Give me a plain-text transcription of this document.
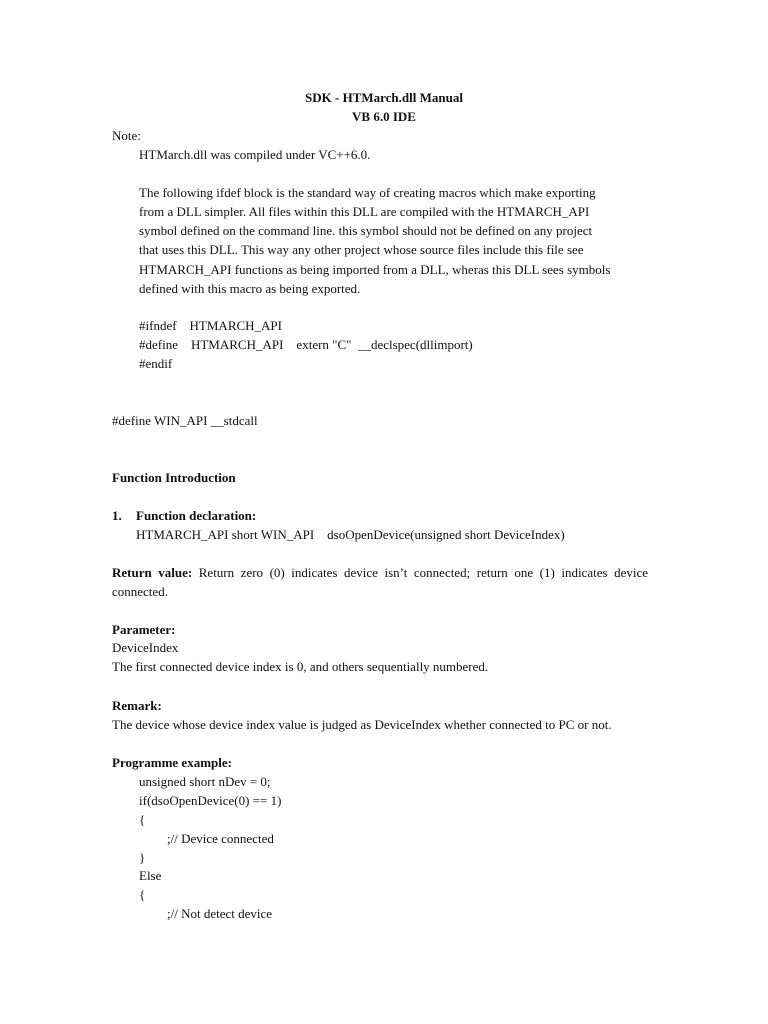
SDK - HTMarch.dll Manual
VB 6.0 IDE
Note:
HTMarch.dll was compiled under VC++6.0.
The following ifdef block is the standard way of creating macros which make exporting
from a DLL simpler. All files within this DLL are compiled with the HTMARCH_API
symbol defined on the command line. this symbol should not be defined on any project
that uses this DLL. This way any other project whose source files include this file see
HTMARCH_API functions as being imported from a DLL, wheras this DLL sees symbols
defined with this macro as being exported.
#ifndef    HTMARCH_API
#define    HTMARCH_API    extern "C"  __declspec(dllimport)
#endif
#define WIN_API __stdcall
Function Introduction
1. Function declaration:
HTMARCH_API short WIN_API    dsoOpenDevice(unsigned short DeviceIndex)
Return value: Return zero (0) indicates device isn’t connected; return one (1) indicates device
connected.
Parameter:
DeviceIndex
The first connected device index is 0, and others sequentially numbered.
Remark:
The device whose device index value is judged as DeviceIndex whether connected to PC or not.
Programme example:
unsigned short nDev = 0;
if(dsoOpenDevice(0) == 1)
{
;// Device connected
}
Else
{
;// Not detect device
